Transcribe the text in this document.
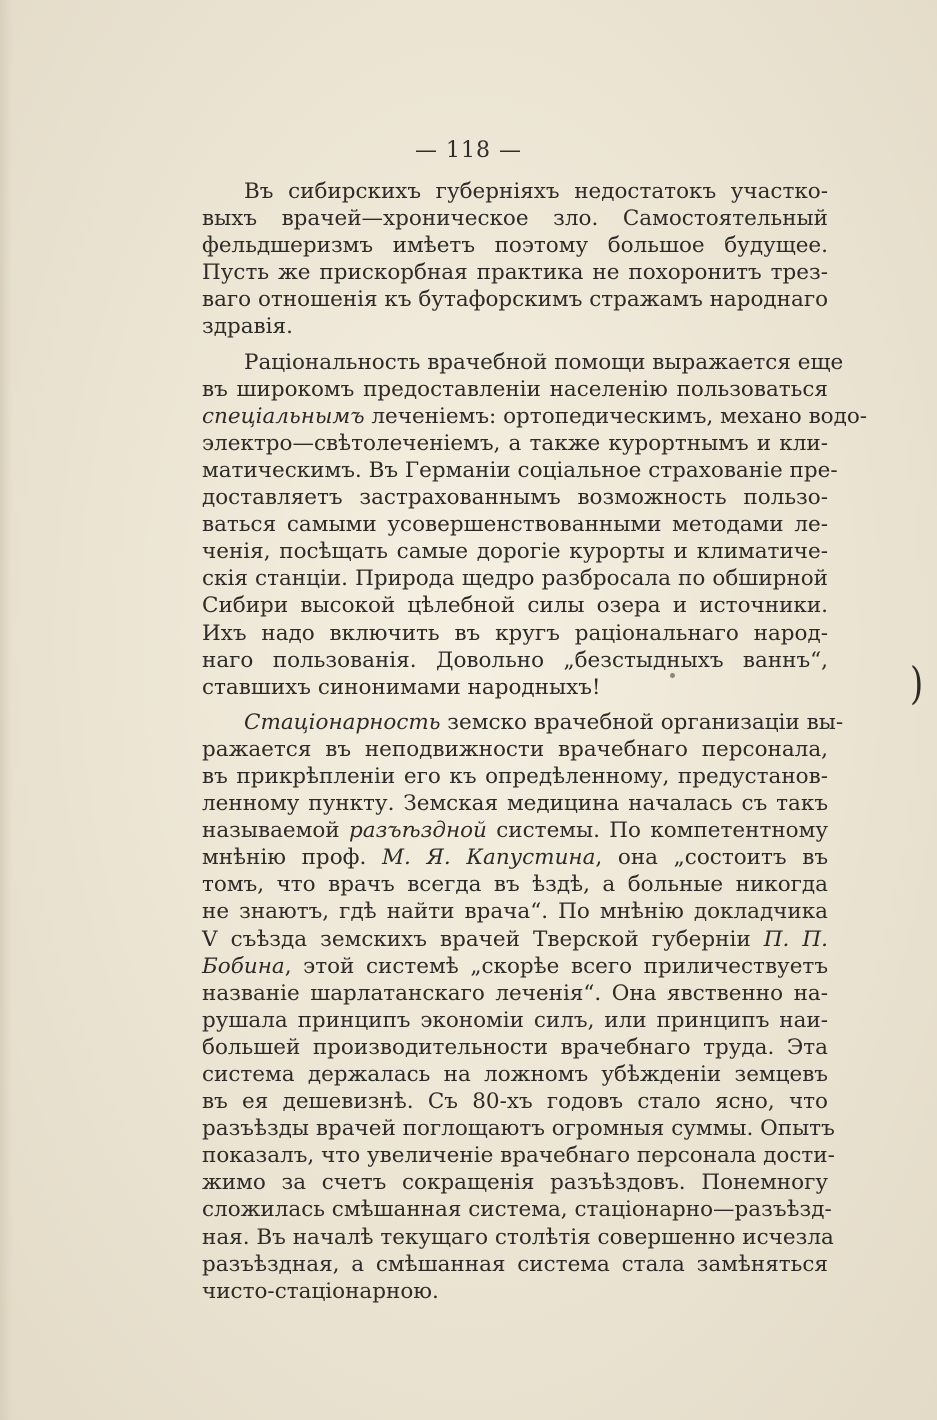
— 118 —
Въ сибирскихъ губерніяхъ недостатокъ участко-
выхъ врачей—хроническое зло. Самостоятельный
фельдшеризмъ имѣетъ поэтому большое будущее.
Пусть же прискорбная практика не похоронитъ трез-
ваго отношенія къ бутафорскимъ стражамъ народнаго
здравія.
Раціональность врачебной помощи выражается еще
въ широкомъ предоставленіи населенію пользоваться
спеціальнымъ леченіемъ: ортопедическимъ, механо водо-
электро—свѣтолеченіемъ, а также курортнымъ и кли-
матическимъ. Въ Германіи соціальное страхованіе пре-
доставляетъ застрахованнымъ возможность пользо-
ваться самыми усовершенствованными методами ле-
ченія, посѣщать самые дорогіе курорты и климатиче-
скія станціи. Природа щедро разбросала по обширной
Сибири высокой цѣлебной силы озера и источники.
Ихъ надо включить въ кругъ раціональнаго народ-
наго пользованія. Довольно „безстыдныхъ ваннъ“,
ставшихъ синонимами народныхъ!
Стаціонарность земско врачебной организаціи вы-
ражается въ неподвижности врачебнаго персонала,
въ прикрѣпленіи его къ опредѣленному, предустанов-
ленному пункту. Земская медицина началась съ такъ
называемой разъѣздной системы. По компетентному
мнѣнію проф. М. Я. Капустина, она „состоитъ въ
томъ, что врачъ всегда въ ѣздѣ, а больные никогда
не знаютъ, гдѣ найти врача“. По мнѣнію докладчика
V съѣзда земскихъ врачей Тверской губерніи П. П.
Бобина, этой системѣ „скорѣе всего приличествуетъ
названіе шарлатанскаго леченія“. Она явственно на-
рушала принципъ экономіи силъ, или принципъ наи-
большей производительности врачебнаго труда. Эта
система держалась на ложномъ убѣжденіи земцевъ
въ ея дешевизнѣ. Съ 80-хъ годовъ стало ясно, что
разъѣзды врачей поглощаютъ огромныя суммы. Опытъ
показалъ, что увеличеніе врачебнаго персонала дости-
жимо за счетъ сокращенія разъѣздовъ. Понемногу
сложилась смѣшанная система, стаціонарно—разъѣзд-
ная. Въ началѣ текущаго столѣтія совершенно исчезла
разъѣздная, а смѣшанная система стала замѣняться
чисто-стаціонарною.
)
